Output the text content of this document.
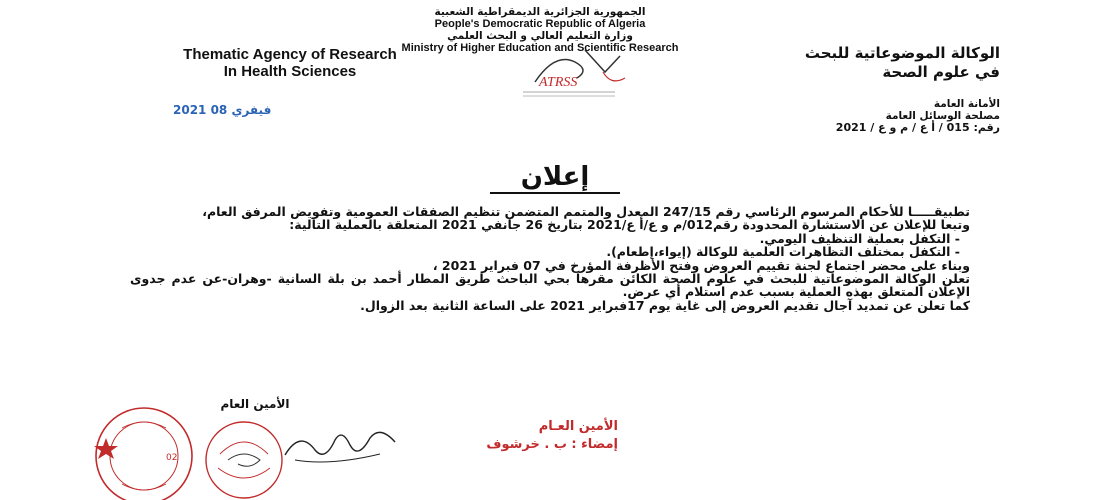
الجمهورية الجزائرية الديمقراطية الشعبية
People's Democratic Republic of Algeria
وزارة التعليم العالي و البحث العلمي
Ministry of Higher Education and Scientific Research
Thematic Agency of Research
In Health Sciences
الوكالة الموضوعاتية للبحث
في علوم الصحة
ATRSS
2021 فيفري 08	الأمانة العامة
مصلحة الوسائل العامة
رقم: 015 / أ ع / م و ع / 2021
إعلان

تطبيقـــــا للأحكام المرسوم الرئاسي رقم 247/15 المعدل والمتمم المتضمن تنظيم الصفقات العمومية وتفويض المرفق العام،

وتبعا للإعلان عن الاستشارة المحدودة رقم012/م و ع/أ ع/2021 بتاريخ 26 جانفي 2021 المتعلقة بالعملية التالية:

- التكفل بعملية التنظيف اليومي.

- التكفل بمختلف التظاهرات العلمية للوكالة (إيواء،إطعام).

وبناء على محضر اجتماع لجنة تقييم العروض وفتح الأظرفة المؤرخ في 07 فبراير 2021 ،

تعلن الوكالة الموضوعاتية للبحث في علوم الصحة الكائن مقرها بحي الباحث طريق المطار أحمد بن بلة السانية -وهران-عن عدم جدوى الإعلان المتعلق بهذه العملية بسبب عدم استلام أي عرض.

كما تعلن عن تمديد آجال تقديم العروض إلى غاية يوم 17فبراير 2021 على الساعة الثانية بعد الزوال.

الأمين العام
02
الأمين العـام
إمضاء : ب . خرشوف
